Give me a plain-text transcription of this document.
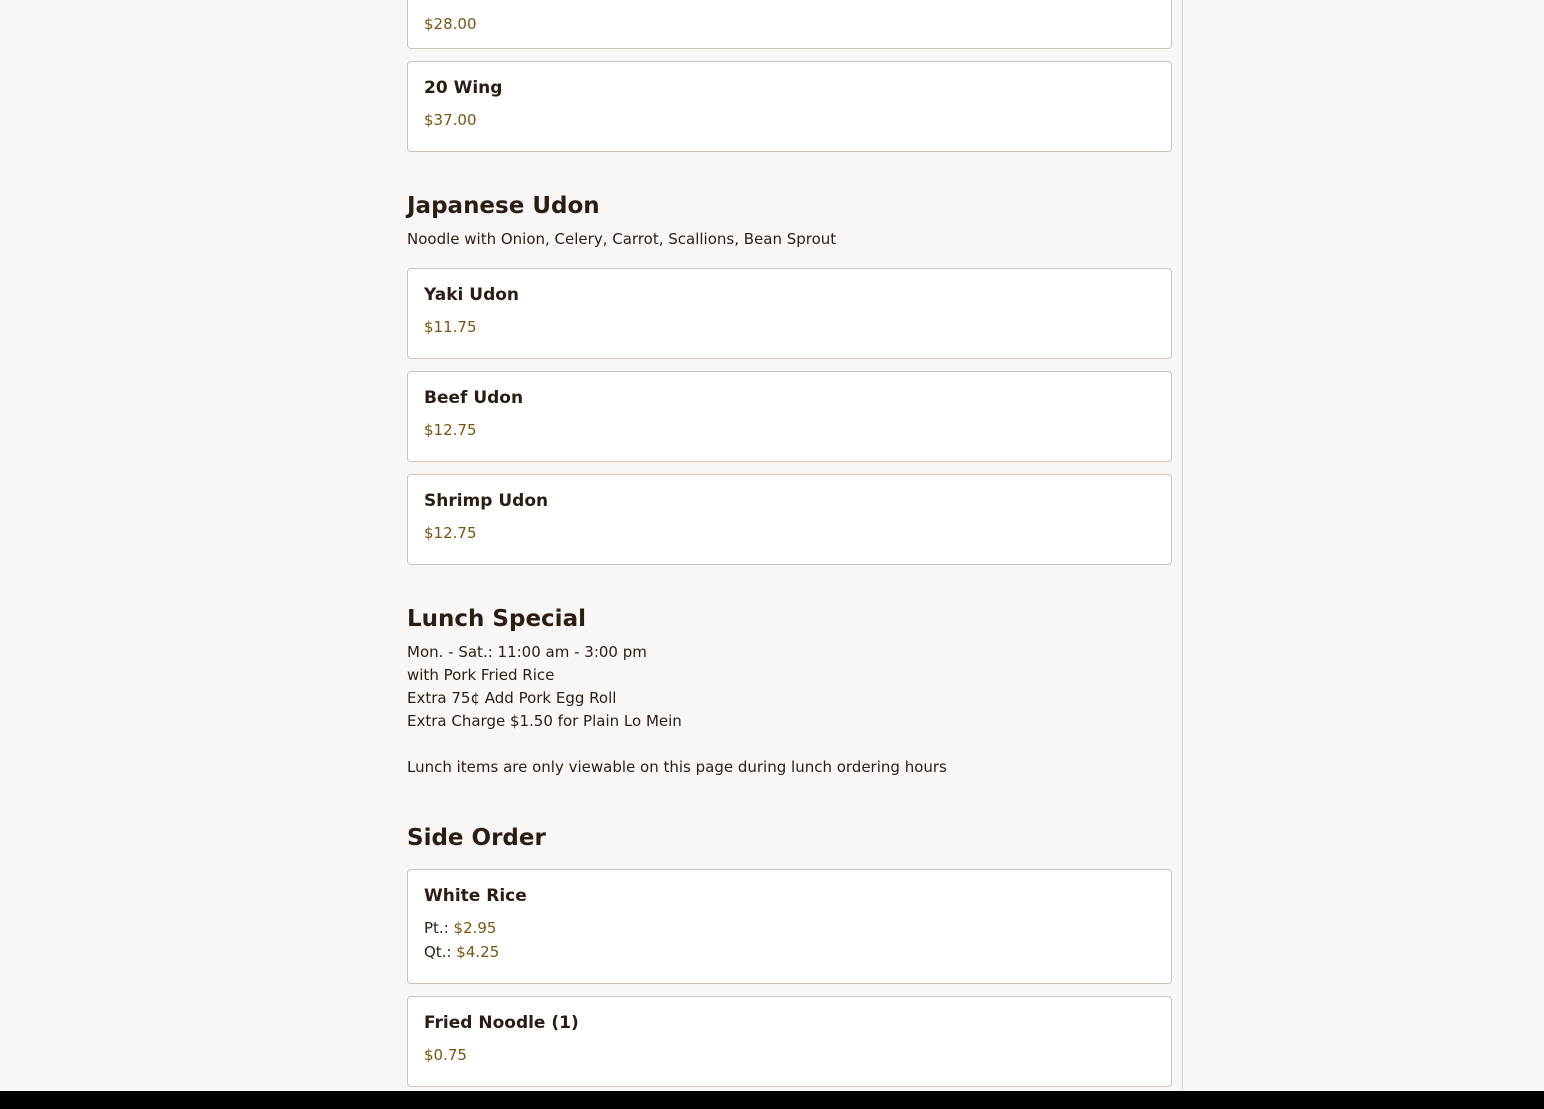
$28.00

20 Wing

$37.00
Japanese Udon
Noodle with Onion, Celery, Carrot, Scallions, Bean Sprout

Yaki Udon

$11.75

Beef Udon

$12.75

Shrimp Udon

$12.75
Lunch Special
Mon. - Sat.: 11:00 am - 3:00 pm
with Pork Fried Rice
Extra 75¢ Add Pork Egg Roll
Extra Charge $1.50 for Plain Lo Mein
Lunch items are only viewable on this page during lunch ordering hours
Side Order

White Rice

Pt.: $2.95
Qt.: $4.25

Fried Noodle (1)

$0.75
